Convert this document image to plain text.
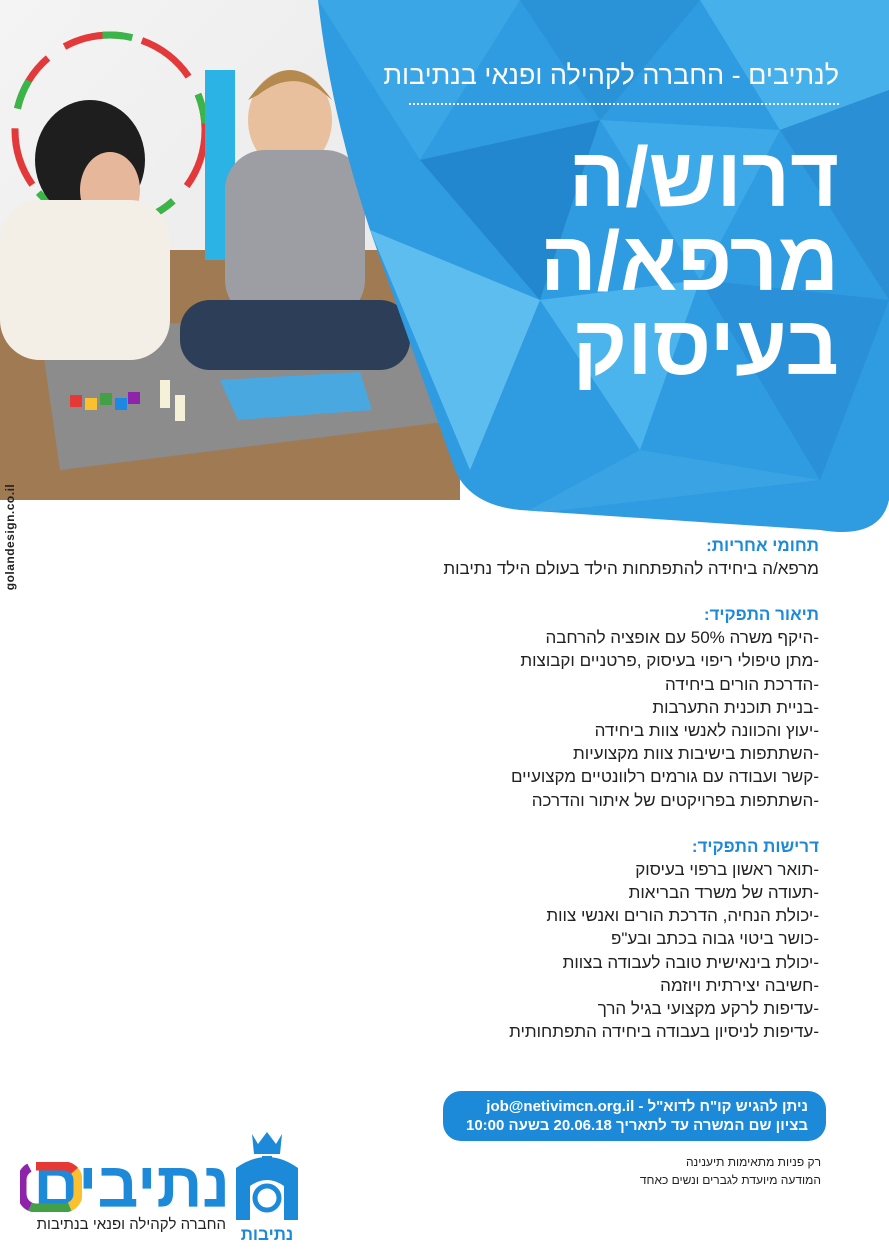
לנתיבים - החברה לקהילה ופנאי בנתיבות
דרוש/ה
מרפא/ה
בעיסוק
golandesign.co.il	תחומי אחריות:
מרפא/ה ביחידה להתפתחות הילד בעולם הילד נתיבות
תיאור התפקיד:
-היקף משרה 50% עם אופציה להרחבה
-מתן טיפולי ריפוי בעיסוק ,פרטניים וקבוצות
-הדרכת הורים ביחידה
-בניית תוכנית התערבות
-יעוץ והכוונה לאנשי צוות ביחידה
-השתתפות בישיבות צוות מקצועיות
-קשר ועבודה עם גורמים רלוונטיים מקצועיים
-השתתפות בפרויקטים של איתור והדרכה
דרישות התפקיד:
-תואר ראשון ברפוי בעיסוק
-תעודה של משרד הבריאות
-יכולת הנחיה, הדרכת הורים ואנשי צוות
-כושר ביטוי גבוה בכתב ובע"פ
-יכולת בינאישית טובה לעבודה בצוות
-חשיבה יצירתית ויוזמה
-עדיפות לרקע מקצועי בגיל הרך
-עדיפות לניסיון בעבודה ביחידה התפתחותית
ניתן להגיש קו"ח לדוא"ל - job@netivimcn.org.il
בציון שם המשרה עד לתאריך 20.06.18 בשעה 10:00
רק פניות מתאימות תיענינה
המודעה מיועדת לגברים ונשים כאחד
נתיבות
נתיבים
החברה לקהילה ופנאי בנתיבות
